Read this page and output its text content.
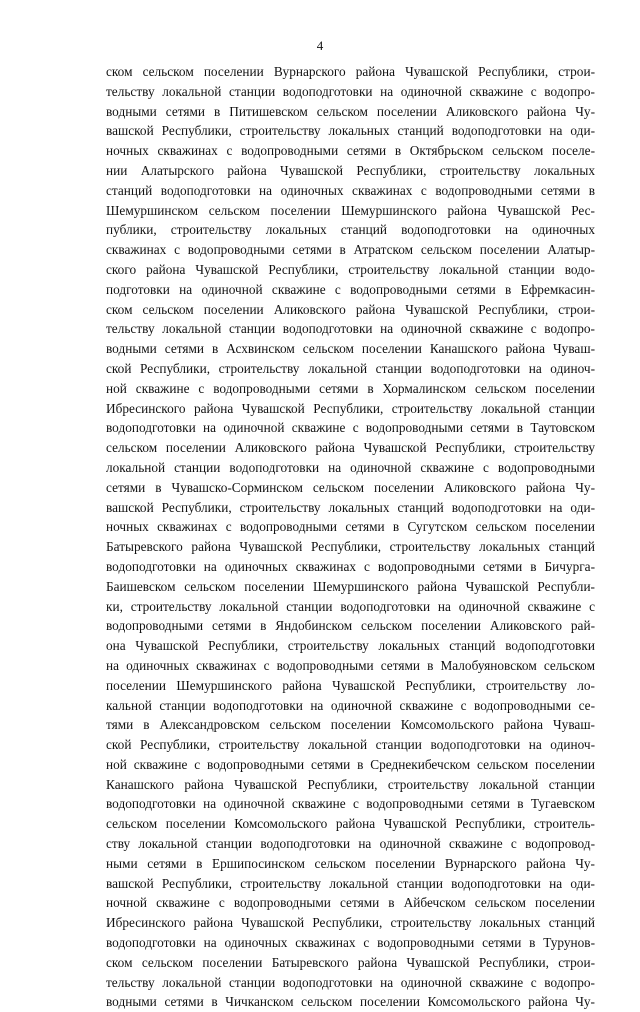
4
ском сельском поселении Вурнарского района Чувашской Республики, строи-
тельству локальной станции водоподготовки на одиночной скважине с водопро-
водными сетями в Питишевском сельском поселении Аликовского района Чу-
вашской Республики, строительству локальных станций водоподготовки на оди-
ночных скважинах с водопроводными сетями в Октябрьском сельском поселе-
нии Алатырского района Чувашской Республики, строительству локальных
станций водоподготовки на одиночных скважинах с водопроводными сетями в
Шемуршинском сельском поселении Шемуршинского района Чувашской Рес-
публики, строительству локальных станций водоподготовки на одиночных
скважинах с водопроводными сетями в Атратском сельском поселении Алатыр-
ского района Чувашской Республики, строительству локальной станции водо-
подготовки на одиночной скважине с водопроводными сетями в Ефремкасин-
ском сельском поселении Аликовского района Чувашской Республики, строи-
тельству локальной станции водоподготовки на одиночной скважине с водопро-
водными сетями в Асхвинском сельском поселении Канашского района Чуваш-
ской Республики, строительству локальной станции водоподготовки на одиноч-
ной скважине с водопроводными сетями в Хормалинском сельском поселении
Ибресинского района Чувашской Республики, строительству локальной станции
водоподготовки на одиночной скважине с водопроводными сетями в Таутовском
сельском поселении Аликовского района Чувашской Республики, строительству
локальной станции водоподготовки на одиночной скважине с водопроводными
сетями в Чувашско-Сорминском сельском поселении Аликовского района Чу-
вашской Республики, строительству локальных станций водоподготовки на оди-
ночных скважинах с водопроводными сетями в Сугутском сельском поселении
Батыревского района Чувашской Республики, строительству локальных станций
водоподготовки на одиночных скважинах с водопроводными сетями в Бичурга-
Баишевском сельском поселении Шемуршинского района Чувашской Республи-
ки, строительству локальной станции водоподготовки на одиночной скважине с
водопроводными сетями в Яндобинском сельском поселении Аликовского рай-
она Чувашской Республики, строительству локальных станций водоподготовки
на одиночных скважинах с водопроводными сетями в Малобуяновском сельском
поселении Шемуршинского района Чувашской Республики, строительству ло-
кальной станции водоподготовки на одиночной скважине с водопроводными се-
тями в Александровском сельском поселении Комсомольского района Чуваш-
ской Республики, строительству локальной станции водоподготовки на одиноч-
ной скважине с водопроводными сетями в Среднекибечском сельском поселении
Канашского района Чувашской Республики, строительству локальной станции
водоподготовки на одиночной скважине с водопроводными сетями в Тугаевском
сельском поселении Комсомольского района Чувашской Республики, строитель-
ству локальной станции водоподготовки на одиночной скважине с водопровод-
ными сетями в Ершипосинском сельском поселении Вурнарского района Чу-
вашской Республики, строительству локальной станции водоподготовки на оди-
ночной скважине с водопроводными сетями в Айбечском сельском поселении
Ибресинского района Чувашской Республики, строительству локальных станций
водоподготовки на одиночных скважинах с водопроводными сетями в Турунов-
ском сельском поселении Батыревского района Чувашской Республики, строи-
тельству локальной станции водоподготовки на одиночной скважине с водопро-
водными сетями в Чичканском сельском поселении Комсомольского района Чу-
